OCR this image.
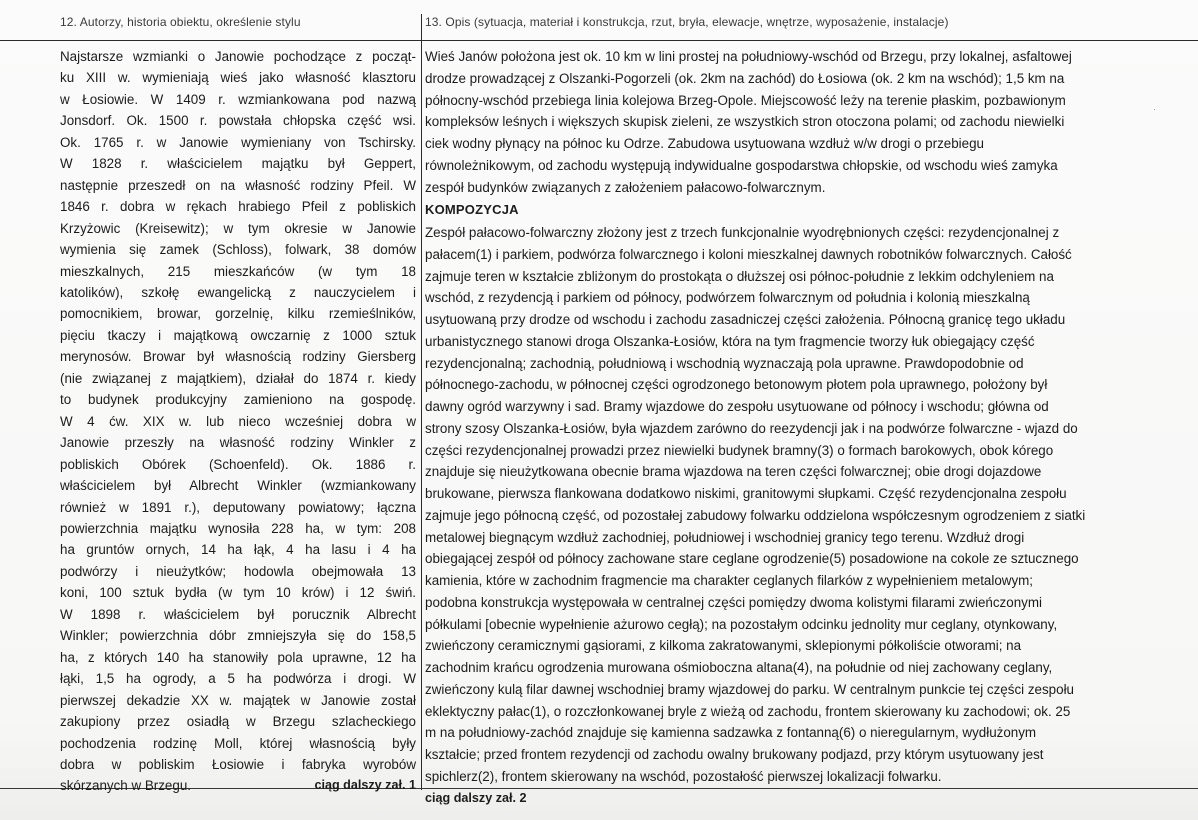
12. Autorzy, historia obiektu, określenie stylu	13. Opis (sytuacja, materiał i konstrukcja, rzut, bryła, elewacje, wnętrze, wyposażenie, instalacje)
Najstarsze wzmianki o Janowie pochodzące z począt-
ku XIII w. wymieniają wieś jako własność klasztoru
w Łosiowie. W 1409 r. wzmiankowana pod nazwą
Jonsdorf. Ok. 1500 r. powstała chłopska część wsi.
Ok. 1765 r. w Janowie wymieniany von Tschirsky.
W 1828 r. właścicielem majątku był Geppert,
następnie przeszedł on na własność rodziny Pfeil. W
1846 r. dobra w rękach hrabiego Pfeil z pobliskich
Krzyżowic (Kreisewitz); w tym okresie w Janowie
wymienia się zamek (Schloss), folwark, 38 domów
mieszkalnych, 215 mieszkańców (w tym 18
katolików), szkołę ewangelicką z nauczycielem i
pomocnikiem, browar, gorzelnię, kilku rzemieślników,
pięciu tkaczy i majątkową owczarnię z 1000 sztuk
merynosów. Browar był własnością rodziny Giersberg
(nie związanej z majątkiem), działał do 1874 r. kiedy
to budynek produkcyjny zamieniono na gospodę.
W 4 ćw. XIX w. lub nieco wcześniej dobra w
Janowie przeszły na własność rodziny Winkler z
pobliskich Obórek (Schoenfeld). Ok. 1886 r.
właścicielem był Albrecht Winkler (wzmiankowany
również w 1891 r.), deputowany powiatowy; łączna
powierzchnia majątku wynosiła 228 ha, w tym: 208
ha gruntów ornych, 14 ha łąk, 4 ha lasu i 4 ha
podwórzy i nieużytków; hodowla obejmowała 13
koni, 100 sztuk bydła (w tym 10 krów) i 12 świń.
W 1898 r. właścicielem był porucznik Albrecht
Winkler; powierzchnia dóbr zmniejszyła się do 158,5
ha, z których 140 ha stanowiły pola uprawne, 12 ha
łąki, 1,5 ha ogrody, a 5 ha podwórza i drogi. W
pierwszej dekadzie XX w. majątek w Janowie został
zakupiony przez osiadłą w Brzegu szlacheckiego
pochodzenia rodzinę Moll, której własnością były
dobra w pobliskim Łosiowie i fabryka wyrobów
skórzanych w Brzegu.	ciąg dalszy zał. 1
Wieś Janów położona jest ok. 10 km w lini prostej na południowy-wschód od Brzegu, przy lokalnej, asfaltowej
drodze prowadzącej z Olszanki-Pogorzeli (ok. 2km na zachód) do Łosiowa (ok. 2 km na wschód); 1,5 km na
północny-wschód przebiega linia kolejowa Brzeg-Opole. Miejscowość leży na terenie płaskim, pozbawionym
kompleksów leśnych i większych skupisk zieleni, ze wszystkich stron otoczona polami; od zachodu niewielki
ciek wodny płynący na północ ku Odrze. Zabudowa usytuowana wzdłuż w/w drogi o przebiegu
równoleżnikowym, od zachodu występują indywidualne gospodarstwa chłopskie, od wschodu wieś zamyka
zespół budynków związanych z założeniem pałacowo-folwarcznym.
KOMPOZYCJA
Zespół pałacowo-folwarczny złożony jest z trzech funkcjonalnie wyodrębnionych części: rezydencjonalnej z
pałacem(1) i parkiem, podwórza folwarcznego i koloni mieszkalnej dawnych robotników folwarcznych. Całość
zajmuje teren w kształcie zbliżonym do prostokąta o dłuższej osi północ-południe z lekkim odchyleniem na
wschód, z rezydencją i parkiem od północy, podwórzem folwarcznym od południa i kolonią mieszkalną
usytuowaną przy drodze od wschodu i zachodu zasadniczej części założenia. Północną granicę tego układu
urbanistycznego stanowi droga Olszanka-Łosiów, która na tym fragmencie tworzy łuk obiegający część
rezydencjonalną; zachodnią, południową i wschodnią wyznaczają pola uprawne. Prawdopodobnie od
północnego-zachodu, w północnej części ogrodzonego betonowym płotem pola uprawnego, położony był
dawny ogród warzywny i sad. Bramy wjazdowe do zespołu usytuowane od północy i wschodu; główna od
strony szosy Olszanka-Łosiów, była wjazdem zarówno do reezydencji jak i na podwórze folwarczne - wjazd do
części rezydencjonalnej prowadzi przez niewielki budynek bramny(3) o formach barokowych, obok kórego
znajduje się nieużytkowana obecnie brama wjazdowa na teren części folwarcznej; obie drogi dojazdowe
brukowane, pierwsza flankowana dodatkowo niskimi, granitowymi słupkami. Część rezydencjonalna zespołu
zajmuje jego północną część, od pozostałej zabudowy folwarku oddzielona współczesnym ogrodzeniem z siatki
metalowej biegnącym wzdłuż zachodniej, południowej i wschodniej granicy tego terenu. Wzdłuż drogi
obiegającej zespół od północy zachowane stare ceglane ogrodzenie(5) posadowione na cokole ze sztucznego
kamienia, które w zachodnim fragmencie ma charakter ceglanych filarków z wypełnieniem metalowym;
podobna konstrukcja występowała w centralnej części pomiędzy dwoma kolistymi filarami zwieńczonymi
półkulami [obecnie wypełnienie ażurowo cegłą); na pozostałym odcinku jednolity mur ceglany, otynkowany,
zwieńczony ceramicznymi gąsiorami, z kilkoma zakratowanymi, sklepionymi półkoliście otworami; na
zachodnim krańcu ogrodzenia murowana ośmioboczna altana(4), na południe od niej zachowany ceglany,
zwieńczony kulą filar dawnej wschodniej bramy wjazdowej do parku. W centralnym punkcie tej części zespołu
eklektyczny pałac(1), o rozczłonkowanej bryle z wieżą od zachodu, frontem skierowany ku zachodowi; ok. 25
m na południowy-zachód znajduje się kamienna sadzawka z fontanną(6) o nieregularnym, wydłużonym
kształcie; przed frontem rezydencji od zachodu owalny brukowany podjazd, przy którym usytuowany jest
spichlerz(2), frontem skierowany na wschód, pozostałość pierwszej lokalizacji folwarku.
ciąg dalszy zał. 2
·
